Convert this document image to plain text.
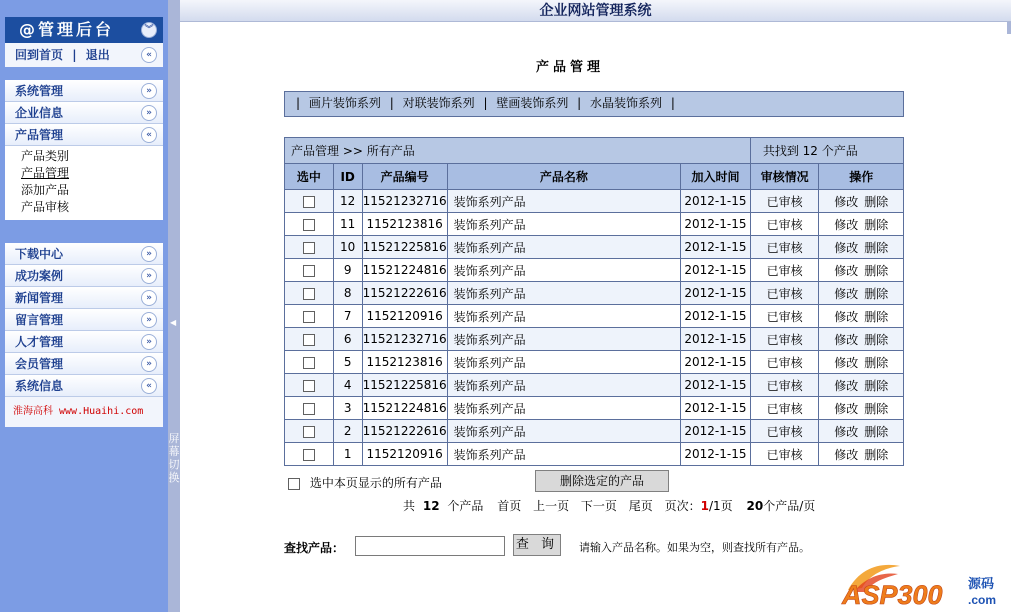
@管理后台	︾
回到首页 | 退出	«
系统管理	»
企业信息	»
产品管理	«
产品类别
产品管理
添加产品
产品审核
下载中心	»
成功案例	»
新闻管理	»
留言管理	»
人才管理	»
会员管理	»
系统信息	«
淮海高科 www.Huaihi.com
◀
屏幕切换
企业网站管理系统
产品管理
| 画片装饰系列 | 对联装饰系列 | 壁画装饰系列 | 水晶装饰系列 |
产品管理 >> 所有产品					共找到 12 个产品	
选中	ID	产品编号	产品名称	加入时间	审核情况	操作
	12	11521232716	装饰系列产品	2012-1-15	已审核	修改 删除
	11	1152123816	装饰系列产品	2012-1-15	已审核	修改 删除
	10	11521225816	装饰系列产品	2012-1-15	已审核	修改 删除
	9	11521224816	装饰系列产品	2012-1-15	已审核	修改 删除
	8	11521222616	装饰系列产品	2012-1-15	已审核	修改 删除
	7	1152120916	装饰系列产品	2012-1-15	已审核	修改 删除
	6	11521232716	装饰系列产品	2012-1-15	已审核	修改 删除
	5	1152123816	装饰系列产品	2012-1-15	已审核	修改 删除
	4	11521225816	装饰系列产品	2012-1-15	已审核	修改 删除
	3	11521224816	装饰系列产品	2012-1-15	已审核	修改 删除
	2	11521222616	装饰系列产品	2012-1-15	已审核	修改 删除
	1	1152120916	装饰系列产品	2012-1-15	已审核	修改 删除
选中本页显示的所有产品	删除选定的产品
共 12 个产品 首页 上一页 下一页 尾页 页次：1/1页 20个产品/页
查找产品：	查 询 请输入产品名称。如果为空，则查找所有产品。
ASP300 源码
.com
